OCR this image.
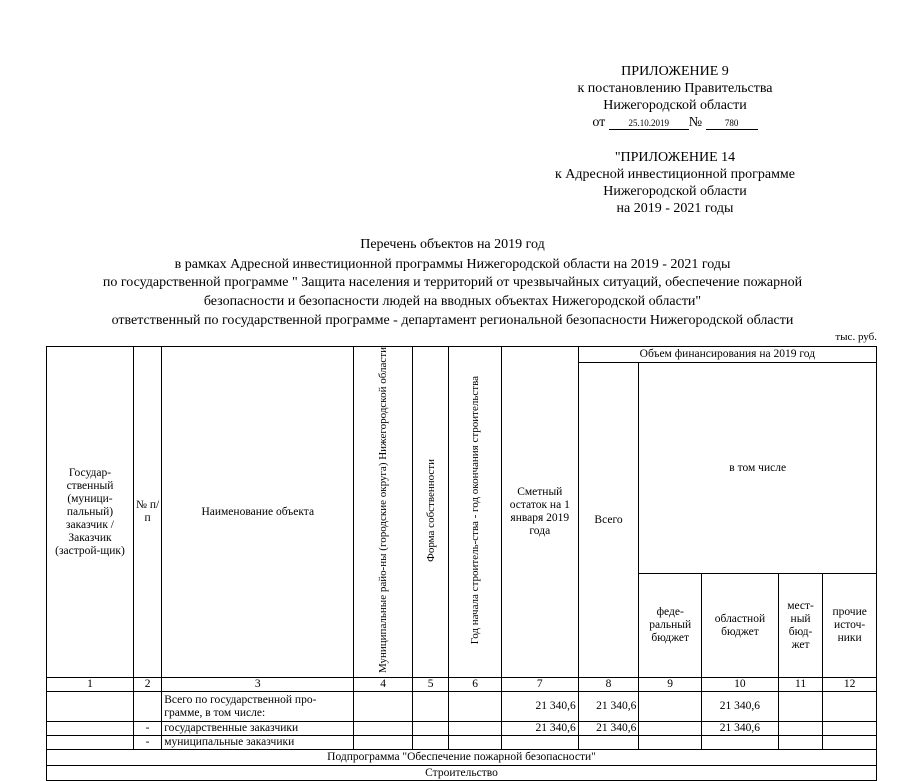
ПРИЛОЖЕНИЕ 9
к постановлению Правительства
Нижегородской области
от	25.10.2019 №	780
"ПРИЛОЖЕНИЕ 14
к Адресной инвестиционной программе
Нижегородской области
на 2019 - 2021 годы
Перечень объектов на 2019 год
в рамках Адресной инвестиционной программы Нижегородской области на 2019 - 2021 годы
по государственной программе " Защита населения и территорий от чрезвычайных ситуаций, обеспечение пожарной
безопасности и безопасности людей на вводных объектах Нижегородской области"
ответственный по государственной программе - департамент региональной безопасности Нижегородской области
тыс. руб.
Государ-ственный (муници-пальный) заказчик /Заказчик (застрой-щик)	№ п/п	Наименование объекта	Муниципальные райо-ны (городские округа) Нижегородской области	Форма собственности	Год начала строитель-ства - год окончания строительства	Сметный остаток на 1 января 2019 года	Объем финансирования на 2019 год				
							Всего	в том числе			
								феде-ральный бюджет	областной бюджет	мест-ный бюд-жет	прочие источ-ники
1	2	3	4	5	6	7	8	9	10	11	12
		Всего по государственной про-грамме, в том числе:				21 340,6	21 340,6		21 340,6		
	-	государственные заказчики				21 340,6	21 340,6		21 340,6		
	-	муниципальные заказчики									
Подпрограмма "Обеспечение пожарной безопасности"											
Строительство											
